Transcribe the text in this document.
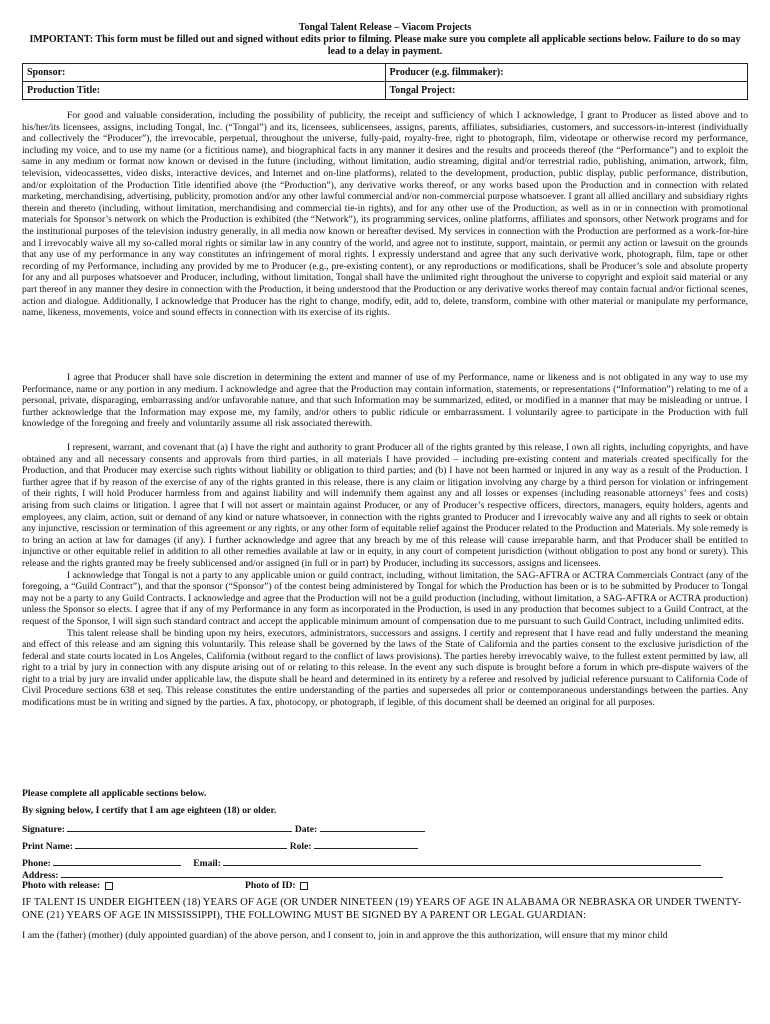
Tongal Talent Release – Viacom Projects
IMPORTANT: This form must be filled out and signed without edits prior to filming. Please make sure you complete all applicable sections below. Failure to do so may lead to a delay in payment.
Sponsor:	Producer (e.g. filmmaker):
Production Title:	Tongal Project:

For good and valuable consideration, including the possibility of publicity, the receipt and sufficiency of which I acknowledge, I grant to Producer as listed above and to his/her/its licensees, assigns, including Tongal, Inc. (“Tongal”) and its, licensees, sublicensees, assigns, parents, affiliates, subsidiaries, customers, and successors-in-interest (individually and collectively the “Producer”), the irrevocable, perpetual, throughout the universe, fully-paid, royalty-free, right to photograph, film, videotape or otherwise record my performance, including my voice, and to use my name (or a fictitious name), and biographical facts in any manner it desires and the results and proceeds thereof (the “Performance”) and to exploit the same in any medium or format now known or devised in the future (including, without limitation, audio streaming, digital and/or terrestrial radio, publishing, animation, artwork, film, television, videocassettes, video disks, interactive devices, and Internet and on-line platforms), related to the development, production, public display, public performance, distribution, and/or exploitation of the Production Title identified above (the “Production”), any derivative works thereof, or any works based upon the Production and in connection with related marketing, merchandising, advertising, publicity, promotion and/or any other lawful commercial and/or non-commercial purpose whatsoever. I grant all allied ancillary and subsidiary rights therein and thereto (including, without limitation, merchandising and commercial tie-in rights), and for any other use of the Production, as well as in or in connection with promotional materials for Sponsor’s network on which the Production is exhibited (the “Network”), its programming services, online platforms, affiliates and sponsors, other Network programs and for the institutional purposes of the television industry generally, in all media now known or hereafter devised. My services in connection with the Production are performed as a work-for-hire and I irrevocably waive all my so-called moral rights or similar law in any country of the world, and agree not to institute, support, maintain, or permit any action or lawsuit on the grounds that any use of my performance in any way constitutes an infringement of moral rights. I expressly understand and agree that any such derivative work, photograph, film, tape or other recording of my Performance, including any provided by me to Producer (e.g., pre-existing content), or any reproductions or modifications, shall be Producer’s sole and absolute property for any and all purposes whatsoever and Producer, including, without limitation, Tongal shall have the unlimited right throughout the universe to copyright and exploit said material or any part thereof in any manner they desire in connection with the Production, it being understood that the Production or any derivative works thereof may contain factual and/or fictional scenes, action and dialogue. Additionally, I acknowledge that Producer has the right to change, modify, edit, add to, delete, transform, combine with other material or manipulate my performance, name, likeness, movements, voice and sound effects in connection with its exercise of its rights.

I agree that Producer shall have sole discretion in determining the extent and manner of use of my Performance, name or likeness and is not obligated in any way to use my Performance, name or any portion in any medium. I acknowledge and agree that the Production may contain information, statements, or representations (“Information”) relating to me of a personal, private, disparaging, embarrassing and/or unfavorable nature, and that such Information may be summarized, edited, or modified in a manner that may be misleading or untrue. I further acknowledge that the Information may expose me, my family, and/or others to public ridicule or embarrassment. I voluntarily agree to participate in the Production with full knowledge of the foregoing and freely and voluntarily assume all risk associated therewith.

I represent, warrant, and covenant that (a) I have the right and authority to grant Producer all of the rights granted by this release, I own all rights, including copyrights, and have obtained any and all necessary consents and approvals from third parties, in all materials I have provided – including pre-existing content and materials created specifically for the Production, and that Producer may exercise such rights without liability or obligation to third parties; and (b) I have not been harmed or injured in any way as a result of the Production. I further agree that if by reason of the exercise of any of the rights granted in this release, there is any claim or litigation involving any charge by a third person for violation or infringement of their rights, I will hold Producer harmless from and against liability and will indemnify them against any and all losses or expenses (including reasonable attorneys’ fees and costs) arising from such claims or litigation. I agree that I will not assert or maintain against Producer, or any of Producer’s respective officers, directors, managers, equity holders, agents and employees, any claim, action, suit or demand of any kind or nature whatsoever, in connection with the rights granted to Producer and I irrevocably waive any and all rights to seek or obtain any injunctive, rescission or termination of this agreement or any rights, or any other form of equitable relief against the Producer related to the Production and Materials. My sole remedy is to bring an action at law for damages (if any). I further acknowledge and agree that any breach by me of this release will cause irreparable harm, and that Producer shall be entitled to injunctive or other equitable relief in addition to all other remedies available at law or in equity, in any court of competent jurisdiction (without obligation to post any bond or surety). This release and the rights granted may be freely sublicensed and/or assigned (in full or in part) by Producer, including its successors, assigns and licensees.

I acknowledge that Tongal is not a party to any applicable union or guild contract, including, without limitation, the SAG-AFTRA or ACTRA Commercials Contract (any of the foregoing, a “Guild Contract”), and that the sponsor (“Sponsor”) of the contest being administered by Tongal for which the Production has been or is to be submitted by Producer to Tongal may not be a party to any Guild Contracts. I acknowledge and agree that the Production will not be a guild production (including, without limitation, a SAG-AFTRA or ACTRA production) unless the Sponsor so elects. I agree that if any of my Performance in any form as incorporated in the Production, is used in any production that becomes subject to a Guild Contract, at the request of the Sponsor, I will sign such standard contract and accept the applicable minimum amount of compensation due to me pursuant to such Guild Contract, including unlimited edits.

This talent release shall be binding upon my heirs, executors, administrators, successors and assigns. I certify and represent that I have read and fully understand the meaning and effect of this release and am signing this voluntarily. This release shall be governed by the laws of the State of California and the parties consent to the exclusive jurisdiction of the federal and state courts located in Los Angeles, California (without regard to the conflict of laws provisions). The parties hereby irrevocably waive, to the fullest extent permitted by law, all right to a trial by jury in connection with any dispute arising out of or relating to this release. In the event any such dispute is brought before a forum in which pre-dispute waivers of the right to a trial by jury are invalid under applicable law, the dispute shall be heard and determined in its entirety by a referee and resolved by judicial reference pursuant to California Code of Civil Procedure sections 638 et seq. This release constitutes the entire understanding of the parties and supersedes all prior or contemporaneous understandings between the parties. Any modifications must be in writing and signed by the parties. A fax, photocopy, or photograph, if legible, of this document shall be deemed an original for all purposes.

Please complete all applicable sections below.
By signing below, I certify that I am age eighteen (18) or older.
Signature:	Date:
Print Name:	Role:
Phone:	Email:
Address:
Photo with release:	Photo of ID:
IF TALENT IS UNDER EIGHTEEN (18) YEARS OF AGE (OR UNDER NINETEEN (19) YEARS OF AGE IN ALABAMA OR NEBRASKA OR UNDER TWENTY-ONE (21) YEARS OF AGE IN MISSISSIPPI), THE FOLLOWING MUST BE SIGNED BY A PARENT OR LEGAL GUARDIAN:
I am the (father) (mother) (duly appointed guardian) of the above person, and I consent to, join in and approve the this authorization, will ensure that my minor child
